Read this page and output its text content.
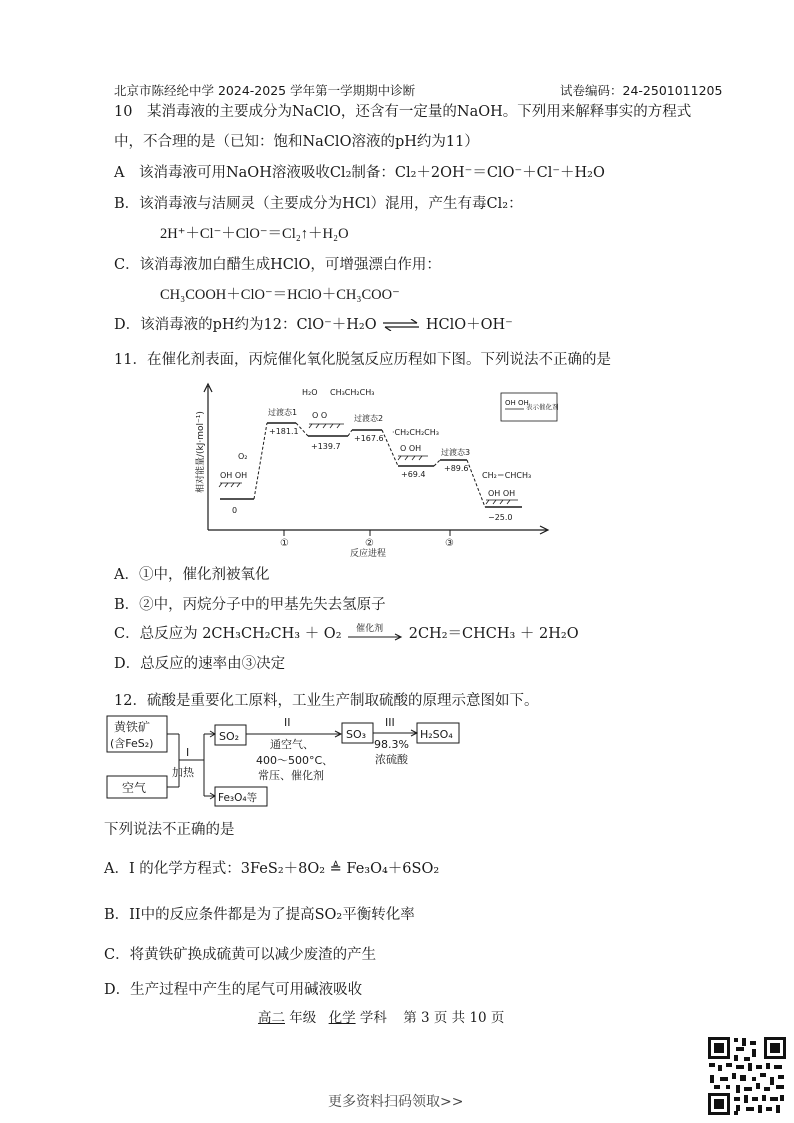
北京市陈经纶中学 2024-2025 学年第一学期期中诊断	试卷编码：24-2501011205
10　某消毒液的主要成分为NaClO，还含有一定量的NaOH。下列用来解释事实的方程式
中，不合理的是（已知：饱和NaClO溶液的pH约为11）
A　该消毒液可用NaOH溶液吸收Cl₂制备：Cl₂＋2OH⁻＝ClO⁻＋Cl⁻＋H₂O
B．该消毒液与洁厕灵（主要成分为HCl）混用，产生有毒Cl₂：
2H⁺＋Cl⁻＋ClO⁻＝Cl₂↑＋H₂O
C．该消毒液加白醋生成HClO，可增强漂白作用：
CH₃COOH＋ClO⁻＝HClO＋CH₃COO⁻
D．该消毒液的pH约为12：ClO⁻＋H₂O ⇌ HClO＋OH⁻
11．在催化剂表面，丙烷催化氧化脱氢反应历程如下图。下列说法不正确的是
相对能量/(kJ·mol⁻¹)
反应进程
①	②	③
O₂
OH OH
H₂O CH₃CH₂CH₃
O O
·CH₂CH₂CH₃
O OH
CH₂＝CHCH₃
OH OH
过渡态1
过渡态2
过渡态3
0
+181.1
+139.7
+167.6
+69.4
+89.6
−25.0
OH OH
表示催化剂
A．①中，催化剂被氧化
B．②中，丙烷分子中的甲基先失去氢原子
C．总反应为 2CH₃CH₂CH₃ ＋ O₂ 催化剂 2CH₂＝CHCH₃ ＋ 2H₂O
D．总反应的速率由③决定
12．硫酸是重要化工原料，工业生产制取硫酸的原理示意图如下。
黄铁矿
(含FeS₂)
空气
I
加热
SO₂
Fe₃O₄等
II
通空气、
400～500°C、
常压、催化剂
SO₃
III
98.3%
浓硫酸
H₂SO₄
下列说法不正确的是
A．I 的化学方程式：3FeS₂＋8O₂ ≜ Fe₃O₄＋6SO₂
B．II中的反应条件都是为了提高SO₂平衡转化率
C．将黄铁矿换成硫黄可以减少废渣的产生
D．生产过程中产生的尾气可用碱液吸收
高二 年级 化学 学科 第 3 页 共 10 页
更多资料扫码领取>>
